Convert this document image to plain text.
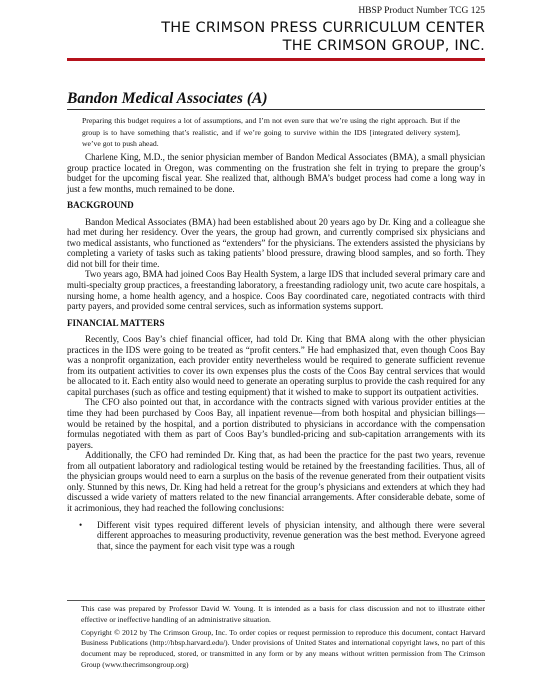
HBSP Product Number TCG 125
THE CRIMSON PRESS CURRICULUM CENTER
THE CRIMSON GROUP, INC.
Bandon Medical Associates (A)
Preparing this budget requires a lot of assumptions, and I’m not even sure that we’re using the right approach. But if the group is to have something that’s realistic, and if we’re going to survive within the IDS [integrated delivery system], we’ve got to push ahead.

Charlene King, M.D., the senior physician member of Bandon Medical Associates (BMA), a small physician group practice located in Oregon, was commenting on the frustration she felt in trying to prepare the group’s budget for the upcoming fiscal year. She realized that, although BMA’s budget process had come a long way in just a few months, much remained to be done.

BACKGROUND

Bandon Medical Associates (BMA) had been established about 20 years ago by Dr. King and a colleague she had met during her residency. Over the years, the group had grown, and currently comprised six physicians and two medical assistants, who functioned as “extenders” for the physicians. The extenders assisted the physicians by completing a variety of tasks such as taking patients’ blood pressure, drawing blood samples, and so forth. They did not bill for their time.

Two years ago, BMA had joined Coos Bay Health System, a large IDS that included several primary care and multi-specialty group practices, a freestanding laboratory, a freestanding radiology unit, two acute care hospitals, a nursing home, a home health agency, and a hospice. Coos Bay coordinated care, negotiated contracts with third party payers, and provided some central services, such as information systems support.

FINANCIAL MATTERS

Recently, Coos Bay’s chief financial officer, had told Dr. King that BMA along with the other physician practices in the IDS were going to be treated as “profit centers.” He had emphasized that, even though Coos Bay was a nonprofit organization, each provider entity nevertheless would be required to generate sufficient revenue from its outpatient activities to cover its own expenses plus the costs of the Coos Bay central services that would be allocated to it. Each entity also would need to generate an operating surplus to provide the cash required for any capital purchases (such as office and testing equipment) that it wished to make to support its outpatient activities.

The CFO also pointed out that, in accordance with the contracts signed with various provider entities at the time they had been purchased by Coos Bay, all inpatient revenue—from both hospital and physician billings— would be retained by the hospital, and a portion distributed to physicians in accordance with the compensation formulas negotiated with them as part of Coos Bay’s bundled-pricing and sub-capitation arrangements with its payers.

Additionally, the CFO had reminded Dr. King that, as had been the practice for the past two years, revenue from all outpatient laboratory and radiological testing would be retained by the freestanding facilities. Thus, all of the physician groups would need to earn a surplus on the basis of the revenue generated from their outpatient visits only. Stunned by this news, Dr. King had held a retreat for the group’s physicians and extenders at which they had discussed a wide variety of matters related to the new financial arrangements. After considerable debate, some of it acrimonious, they had reached the following conclusions:

• Different visit types required different levels of physician intensity, and although there were several different approaches to measuring productivity, revenue generation was the best method. Everyone agreed that, since the payment for each visit type was a rough

This case was prepared by Professor David W. Young. It is intended as a basis for class discussion and not to illustrate either effective or ineffective handling of an administrative situation.

Copyright © 2012 by The Crimson Group, Inc. To order copies or request permission to reproduce this document, contact Harvard Business Publications (http://hbsp.harvard.edu/). Under provisions of United States and international copyright laws, no part of this document may be reproduced, stored, or transmitted in any form or by any means without written permission from The Crimson Group (www.thecrimsongroup.org)
